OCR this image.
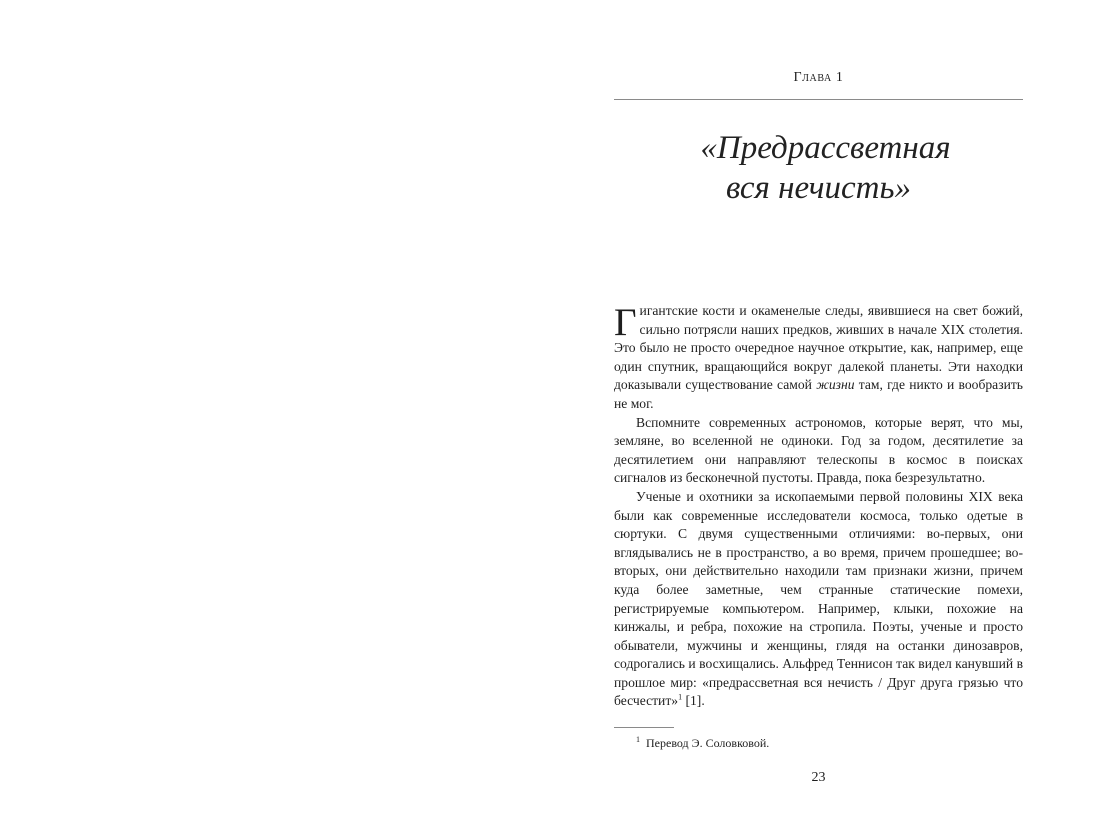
Глава 1
«Предрассветная
вся нечисть»

Гигантские кости и окаменелые следы, явившиеся на свет божий, сильно потрясли наших предков, живших в начале XIX столетия. Это было не просто очередное научное открытие, как, например, еще один спутник, вращающийся вокруг далекой планеты. Эти находки доказывали существование самой жизни там, где никто и вообразить не мог.

Вспомните современных астрономов, которые верят, что мы, земляне, во вселенной не одиноки. Год за годом, десятилетие за десятилетием они направляют телескопы в космос в поисках сигналов из бесконечной пустоты. Правда, пока безрезультатно.

Ученые и охотники за ископаемыми первой половины XIX века были как современные исследователи космоса, только одетые в сюртуки. С двумя существенными отличиями: во-первых, они вглядывались не в пространство, а во время, причем прошедшее; во-вторых, они действительно находили там признаки жизни, причем куда более заметные, чем странные статические помехи, регистрируемые компьютером. Например, клыки, похожие на кинжалы, и ребра, похожие на стропила. Поэты, ученые и просто обыватели, мужчины и женщины, глядя на останки динозавров, содрогались и восхищались. Альфред Теннисон так видел канувший в прошлое мир: «предрассветная вся нечисть / Друг друга грязью что бесчестит»$^1$ [1].

$^1$ Перевод Э. Соловковой.
23
